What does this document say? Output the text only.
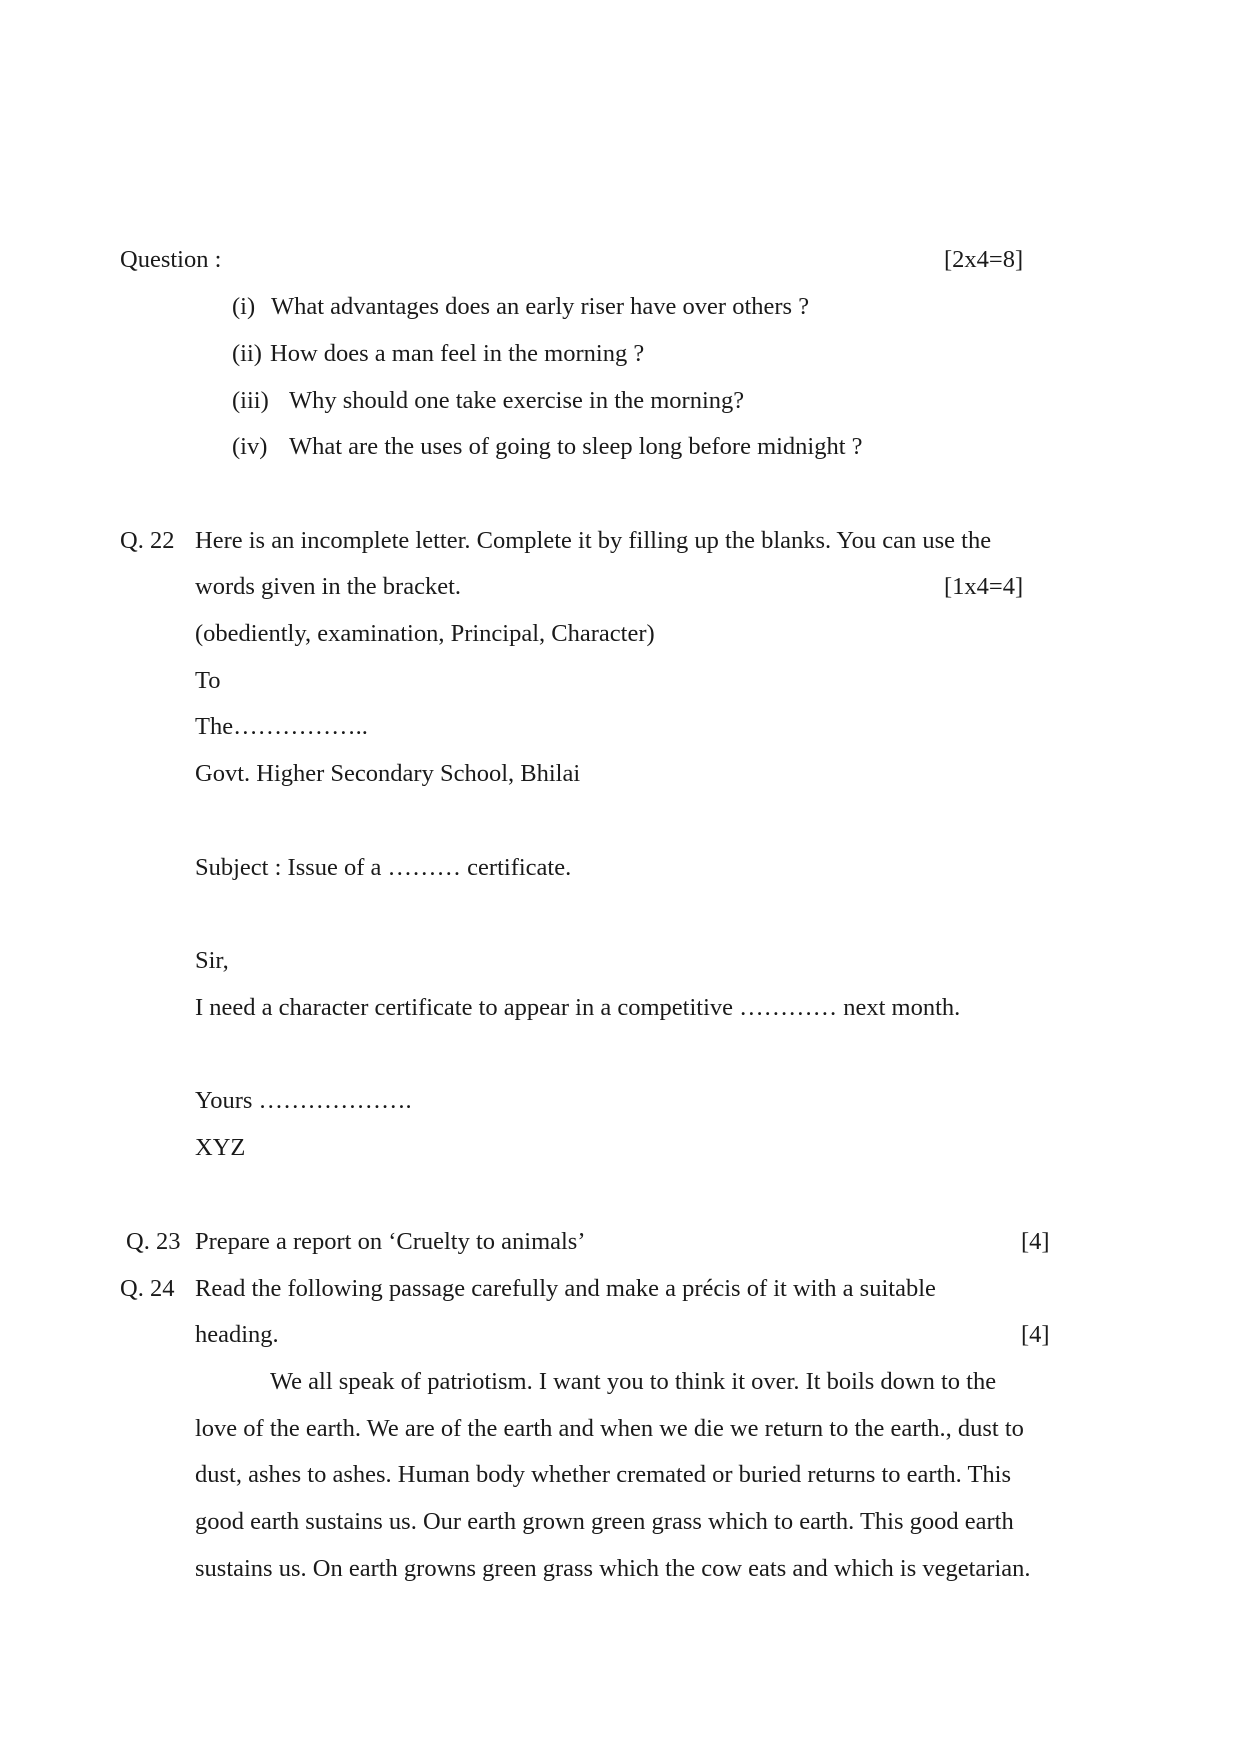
Question :	[2x4=8]
(i) What advantages does an early riser have over others ?
(ii) How does a man feel in the morning ?
(iii) Why should one take exercise in the morning?
(iv) What are the uses of going to sleep long before midnight ?
Q. 22 Here is an incomplete letter. Complete it by filling up the blanks. You can use the
words given in the bracket.	[1x4=4]
(obediently, examination, Principal, Character)
To
The……………..
Govt. Higher Secondary School, Bhilai
Subject : Issue of a ……… certificate.
Sir,
I need a character certificate to appear in a competitive ………… next month.
Yours ……………….
XYZ
Q. 23 Prepare a report on ‘Cruelty to animals’	[4]
Q. 24 Read the following passage carefully and make a précis of it with a suitable
heading.	[4]
We all speak of patriotism. I want you to think it over. It boils down to the
love of the earth. We are of the earth and when we die we return to the earth., dust to
dust, ashes to ashes. Human body whether cremated or buried returns to earth. This
good earth sustains us. Our earth grown green grass which to earth. This good earth
sustains us. On earth growns green grass which the cow eats and which is vegetarian.
